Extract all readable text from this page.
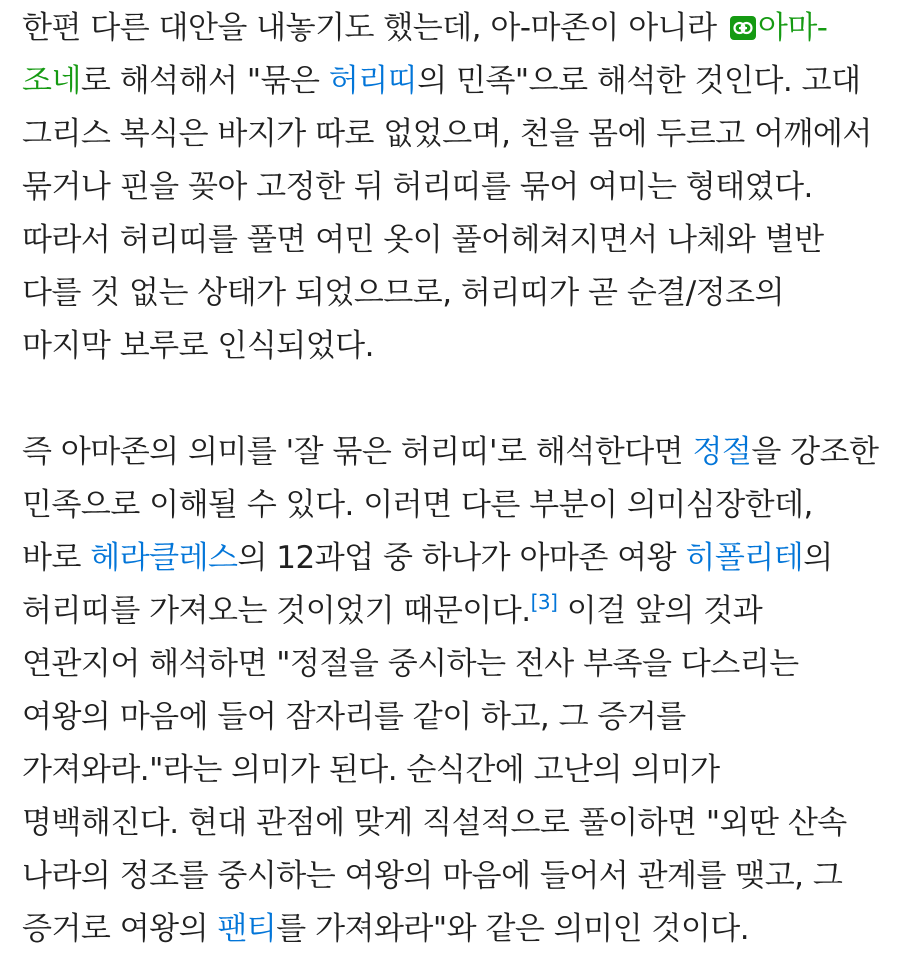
한편 다른 대안을 내놓기도 했는데, 아-마존이 아니라
아마-조네로 해석해서 "묶은 허리띠의 민족"으로 해석한 것인다. 고대 그리스 복식은 바지가 따로 없었으며, 천을 몸에 두르고 어깨에서 묶거나 핀을 꽂아 고정한 뒤 허리띠를 묶어 여미는 형태였다. 따라서 허리띠를 풀면 여민 옷이 풀어헤쳐지면서 나체와 별반 다를 것 없는 상태가 되었으므로, 허리띠가 곧 순결/정조의 마지막 보루로 인식되었다.

즉 아마존의 의미를 '잘 묶은 허리띠'로 해석한다면 정절을 강조한 민족으로 이해될 수 있다. 이러면 다른 부분이 의미심장한데, 바로 헤라클레스의 12과업 중 하나가 아마존 여왕 히폴리테의 허리띠를 가져오는 것이었기 때문이다.[3] 이걸 앞의 것과 연관지어 해석하면 "정절을 중시하는 전사 부족을 다스리는 여왕의 마음에 들어 잠자리를 같이 하고, 그 증거를 가져와라."라는 의미가 된다. 순식간에 고난의 의미가 명백해진다. 현대 관점에 맞게 직설적으로 풀이하면 "외딴 산속 나라의 정조를 중시하는 여왕의 마음에 들어서 관계를 맺고, 그 증거로 여왕의 팬티를 가져와라"와 같은 의미인 것이다.
